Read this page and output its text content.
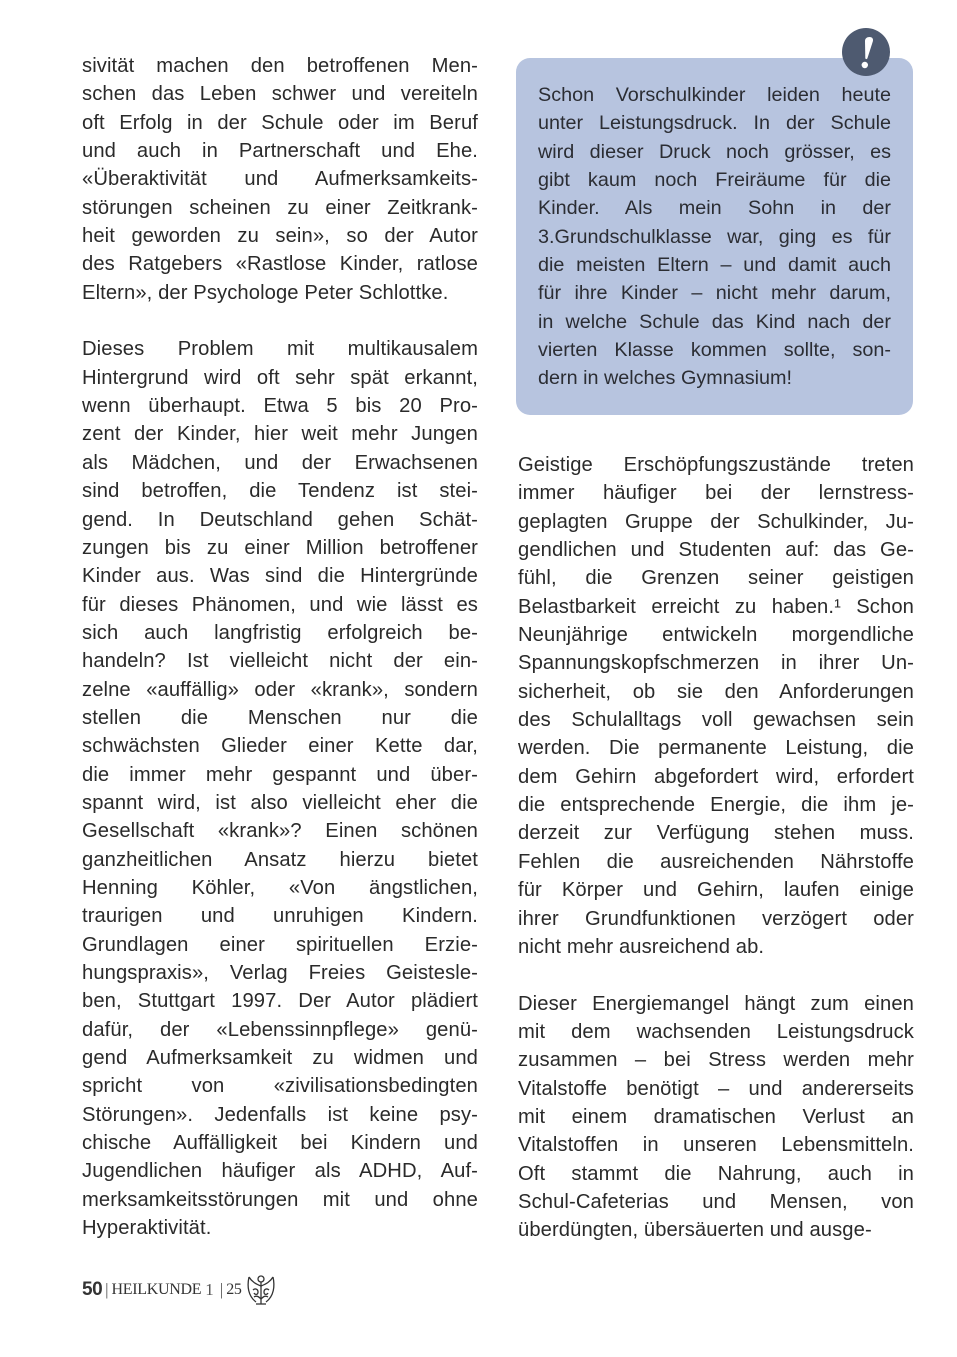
sivität machen den betroffenen Men-
schen das Leben schwer und vereiteln
oft Erfolg in der Schule oder im Beruf
und auch in Partnerschaft und Ehe.
«Überaktivität und Aufmerksamkeits-
störungen scheinen zu einer Zeitkrank-
heit geworden zu sein», so der Autor
des Ratgebers «Rastlose Kinder, ratlose
Eltern», der Psychologe Peter Schlottke.
Dieses Problem mit multikausalem
Hintergrund wird oft sehr spät erkannt,
wenn überhaupt. Etwa 5 bis 20 Pro-
zent der Kinder, hier weit mehr Jungen
als Mädchen, und der Erwachsenen
sind betroffen, die Tendenz ist stei-
gend. In Deutschland gehen Schät-
zungen bis zu einer Million betroffener
Kinder aus. Was sind die Hintergründe
für dieses Phänomen, und wie lässt es
sich auch langfristig erfolgreich be-
handeln? Ist vielleicht nicht der ein-
zelne «auffällig» oder «krank», sondern
stellen die Menschen nur die
schwächsten Glieder einer Kette dar,
die immer mehr gespannt und über-
spannt wird, ist also vielleicht eher die
Gesellschaft «krank»? Einen schönen
ganzheitlichen Ansatz hierzu bietet
Henning Köhler, «Von ängstlichen,
traurigen und unruhigen Kindern.
Grundlagen einer spirituellen Erzie-
hungspraxis», Verlag Freies Geistesle-
ben, Stuttgart 1997. Der Autor plädiert
dafür, der «Lebenssinnpflege» genü-
gend Aufmerksamkeit zu widmen und
spricht von «zivilisationsbedingten
Störungen». Jedenfalls ist keine psy-
chische Auffälligkeit bei Kindern und
Jugendlichen häufiger als ADHD, Auf-
merksamkeitsstörungen mit und ohne
Hyperaktivität.
Schon Vorschulkinder leiden heute
unter Leistungsdruck. In der Schule
wird dieser Druck noch grösser, es
gibt kaum noch Freiräume für die
Kinder. Als mein Sohn in der
3.Grundschulklasse war, ging es für
die meisten Eltern – und damit auch
für ihre Kinder – nicht mehr darum,
in welche Schule das Kind nach der
vierten Klasse kommen sollte, son-
dern in welches Gymnasium!
Geistige Erschöpfungszustände treten
immer häufiger bei der lernstress-
geplagten Gruppe der Schulkinder, Ju-
gendlichen und Studenten auf: das Ge-
fühl, die Grenzen seiner geistigen
Belastbarkeit erreicht zu haben.¹ Schon
Neunjährige entwickeln morgendliche
Spannungskopfschmerzen in ihrer Un-
sicherheit, ob sie den Anforderungen
des Schulalltags voll gewachsen sein
werden. Die permanente Leistung, die
dem Gehirn abgefordert wird, erfordert
die entsprechende Energie, die ihm je-
derzeit zur Verfügung stehen muss.
Fehlen die ausreichenden Nährstoffe
für Körper und Gehirn, laufen einige
ihrer Grundfunktionen verzögert oder
nicht mehr ausreichend ab.
Dieser Energiemangel hängt zum einen
mit dem wachsenden Leistungsdruck
zusammen – bei Stress werden mehr
Vitalstoffe benötigt – und andererseits
mit einem dramatischen Verlust an
Vitalstoffen in unseren Lebensmitteln.
Oft stammt die Nahrung, auch in
Schul-Cafeterias und Mensen, von
überdüngten, übersäuerten und ausge-
50 | HEILKUNDE 1 | 25
